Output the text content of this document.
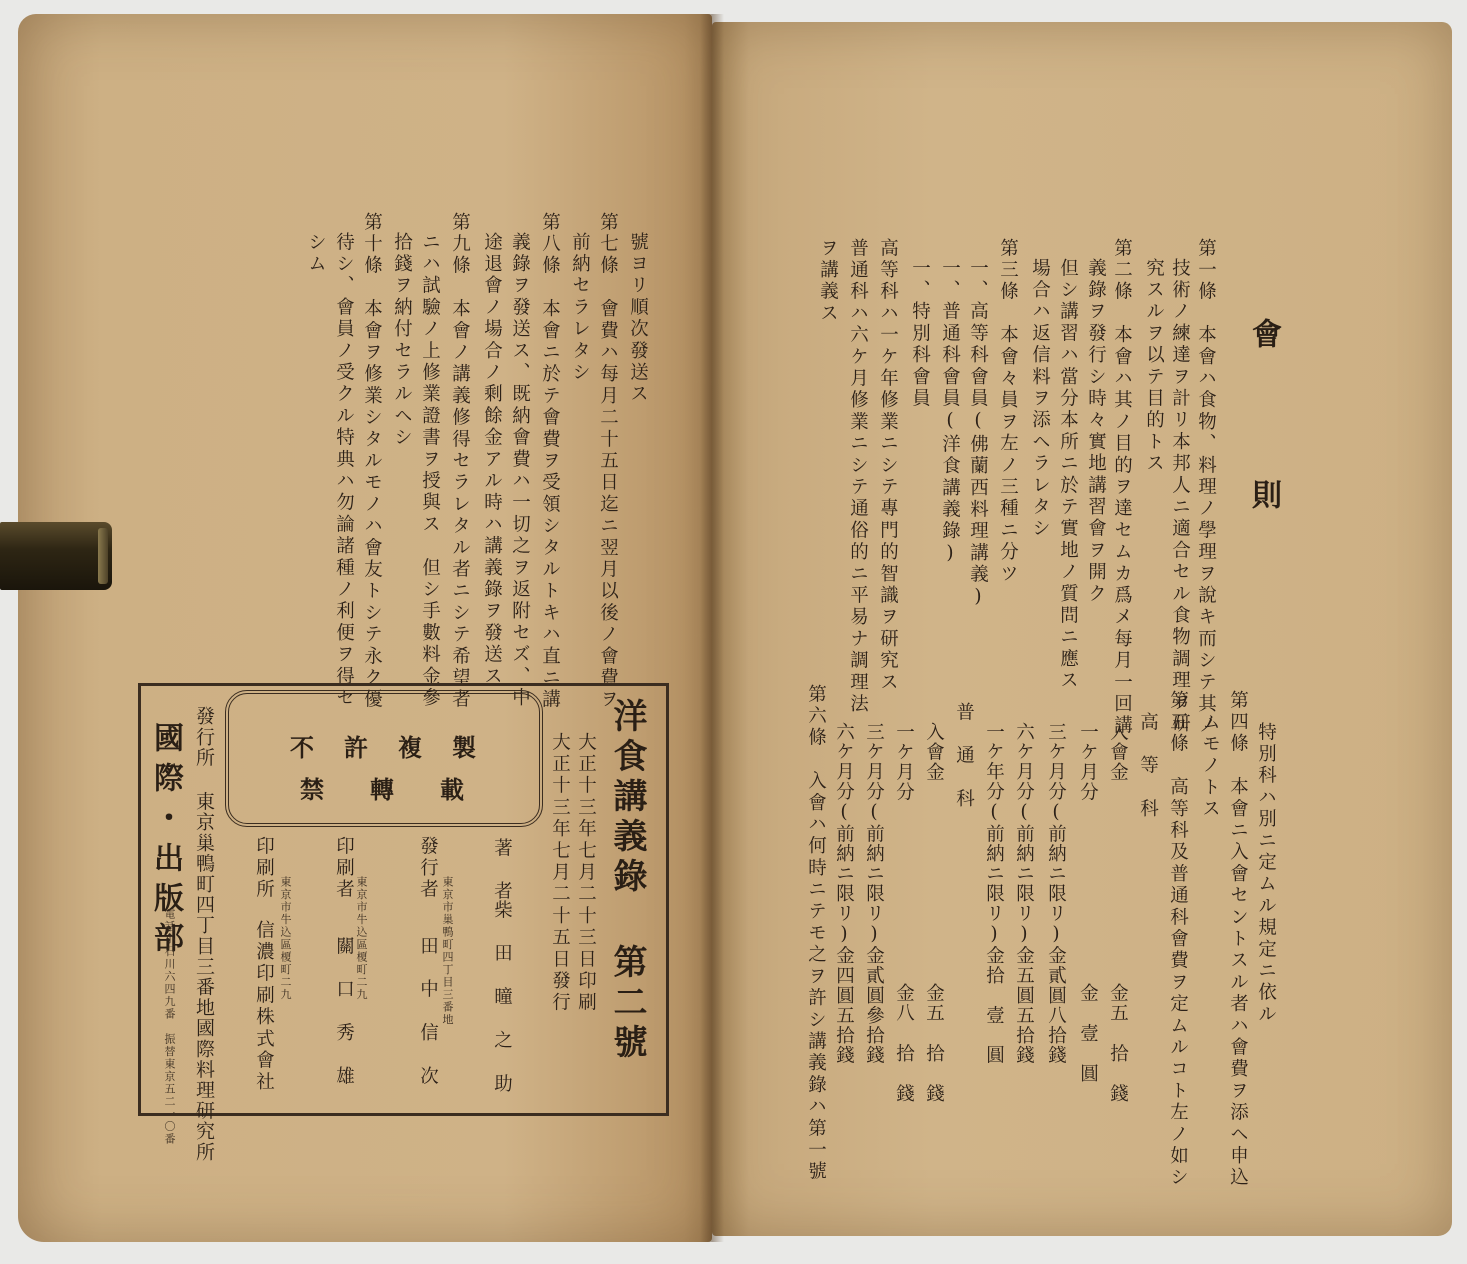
會 則
第一條　本會ハ食物、料理ノ學理ヲ說キ而シテ其ノ
技術ノ練達ヲ計リ本邦人ニ適合セル食物調理ヲ研
究スルヲ以テ目的トス
第二條　本會ハ其ノ目的ヲ達セムカ爲メ每月一回講
義錄ヲ發行シ時々實地講習會ヲ開ク
但シ講習ハ當分本所ニ於テ實地ノ質問ニ應ス
場合ハ返信料ヲ添ヘラレタシ
第三條　本會々員ヲ左ノ三種ニ分ツ
一、高等科會員(佛蘭西料理講義)
一、普通科會員(洋食講義錄)
一、特別科會員
高等科ハ一ケ年修業ニシテ專門的智識ヲ研究ス
普通科ハ六ケ月修業ニシテ通俗的ニ平易ナ調理法
ヲ講義ス
特別科ハ別ニ定ムル規定ニ依ル
第四條　本會ニ入會セントスル者ハ會費ヲ添ヘ申込
ムモノトス
第五條　高等科及普通科會費ヲ定ムルコト左ノ如シ
高　等　科
入會金　　　　　　　　　　金五　拾　錢
一ケ月分　　　　　　　　　金　壹　圓
三ケ月分(前納ニ限リ)金貳圓八拾錢
六ケ月分(前納ニ限リ)金五圓五拾錢
一ケ年分(前納ニ限リ)金拾　壹　圓
普　通　科
入會金　　　　　　　　　　金五　拾　錢
一ケ月分　　　　　　　　　金八　拾　錢
三ケ月分(前納ニ限リ)金貳圓參拾錢
六ケ月分(前納ニ限リ)金四圓五拾錢
第六條　入會ハ何時ニテモ之ヲ許シ講義錄ハ第一號
號ヨリ順次發送ス
第七條　會費ハ每月二十五日迄ニ翌月以後ノ會費ヲ
前納セラレタシ
第八條　本會ニ於テ會費ヲ受領シタルトキハ直ニ講
義錄ヲ發送ス、既納會費ハ一切之ヲ返附セズ、中
途退會ノ場合ノ剩餘金アル時ハ講義錄ヲ發送ス
第九條　本會ノ講義修得セラレタル者ニシテ希望者
ニハ試驗ノ上修業證書ヲ授與ス　但シ手數料金參
拾錢ヲ納付セラルヘシ
第十條　本會ヲ修業シタルモノハ會友トシテ永ク優
待シ、會員ノ受クル特典ハ勿論諸種ノ利便ヲ得セ
シム
不許複製
禁轉載	洋食講義錄 第二號
大正十三年七月二十三日印刷
大正十三年七月二十五日發行
著　者
柴　田　曈　之　助
東京市巢鴨町四丁目三番地
發行者
田　中　信　次
東京市牛込區榎町二九
印刷者
關　口　秀　雄
東京市牛込區榎町二九
印刷所
信濃印刷株式會社
發行所 東京巢鴨町四丁目三番地國際料理研究所
國際・出版部
電話小石川六四九番　振替東京五二一〇番
